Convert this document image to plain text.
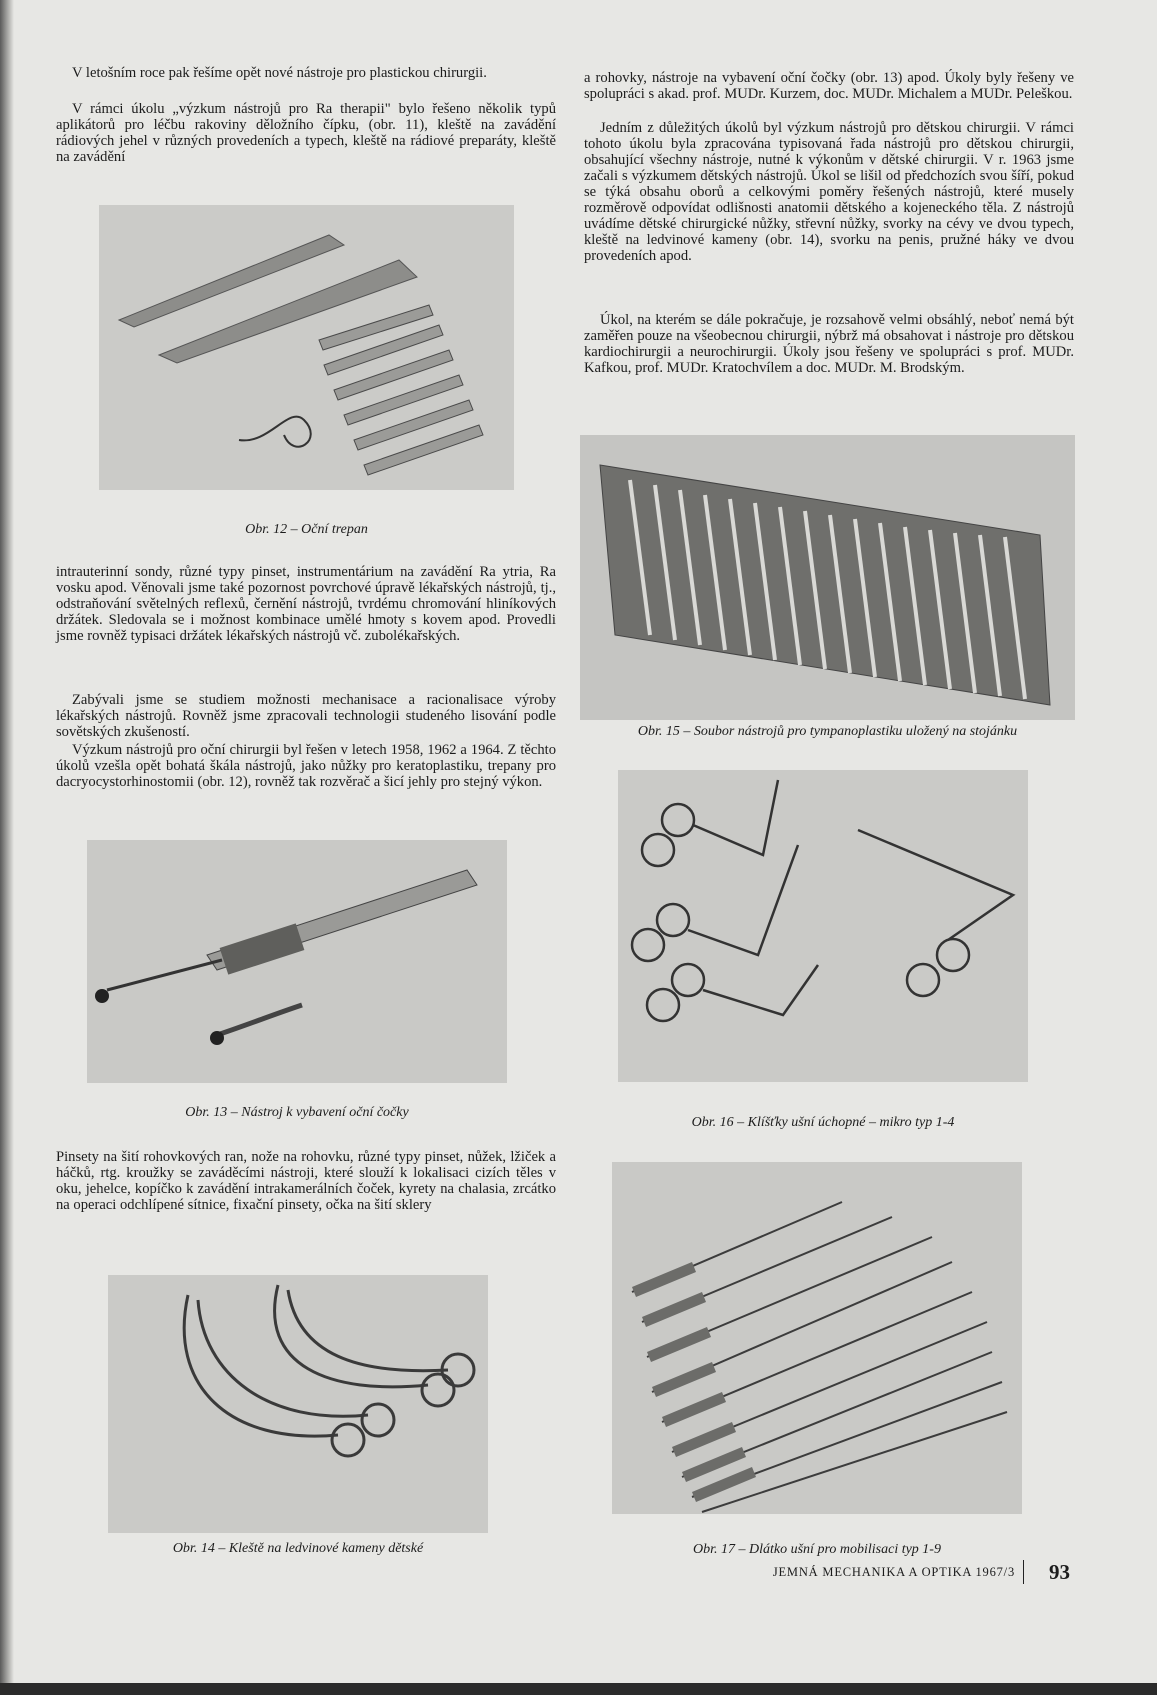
V letošním roce pak řešíme opět nové nástroje pro plastickou chirurgii.

V rámci úkolu „výzkum nástrojů pro Ra therapii" bylo řešeno několik typů aplikátorů pro léčbu rakoviny děložního čípku, (obr. 11), kleště na zavádění rádiových jehel v různých provedeních a typech, kleště na rádiové preparáty, kleště na zavádění

Obr. 12 – Oční trepan

intrauterinní sondy, různé typy pinset, instrumentárium na zavádění Ra ytria, Ra vosku apod. Věnovali jsme také pozornost povrchové úpravě lékařských nástrojů, tj., odstraňování světelných reflexů, černění nástrojů, tvrdému chromování hliníkových držátek. Sledovala se i možnost kombinace umělé hmoty s kovem apod. Provedli jsme rovněž typisaci držátek lékařských nástrojů vč. zubolékařských.

Zabývali jsme se studiem možnosti mechanisace a racionalisace výroby lékařských nástrojů. Rovněž jsme zpracovali technologii studeného lisování podle sovětských zkušeností.

Výzkum nástrojů pro oční chirurgii byl řešen v letech 1958, 1962 a 1964. Z těchto úkolů vzešla opět bohatá škála nástrojů, jako nůžky pro keratoplastiku, trepany pro dacryocystorhinostomii (obr. 12), rovněž tak rozvěrač a šicí jehly pro stejný výkon.

Obr. 13 – Nástroj k vybavení oční čočky

Pinsety na šití rohovkových ran, nože na rohovku, různé typy pinset, nůžek, lžiček a háčků, rtg. kroužky se zaváděcími nástroji, které slouží k lokalisaci cizích těles v oku, jehelce, kopíčko k zavádění intrakamerálních čoček, kyrety na chalasia, zrcátko na operaci odchlípené sítnice, fixační pinsety, očka na šití sklery

Obr. 14 – Kleště na ledvinové kameny dětské

a rohovky, nástroje na vybavení oční čočky (obr. 13) apod. Úkoly byly řešeny ve spolupráci s akad. prof. MUDr. Kurzem, doc. MUDr. Michalem a MUDr. Peleškou.

Jedním z důležitých úkolů byl výzkum nástrojů pro dětskou chirurgii. V rámci tohoto úkolu byla zpracována typisovaná řada nástrojů pro dětskou chirurgii, obsahující všechny nástroje, nutné k výkonům v dětské chirurgii. V r. 1963 jsme začali s výzkumem dětských nástrojů. Úkol se lišil od předchozích svou šíří, pokud se týká obsahu oborů a celkovými poměry řešených nástrojů, které musely rozměrově odpovídat odlišnosti anatomii dětského a kojeneckého těla. Z nástrojů uvádíme dětské chirurgické nůžky, střevní nůžky, svorky na cévy ve dvou typech, kleště na ledvinové kameny (obr. 14), svorku na penis, pružné háky ve dvou provedeních apod.

Úkol, na kterém se dále pokračuje, je rozsahově velmi obsáhlý, neboť nemá být zaměřen pouze na všeobecnou chirurgii, nýbrž má obsahovat i nástroje pro dětskou kardiochirurgii a neurochirurgii. Úkoly jsou řešeny ve spolupráci s prof. MUDr. Kafkou, prof. MUDr. Kratochvílem a doc. MUDr. M. Brodským.

Obr. 15 – Soubor nástrojů pro tympanoplastiku uložený na stojánku
Obr. 16 – Klíšťky ušní úchopné – mikro typ 1-4
Obr. 17 – Dlátko ušní pro mobilisaci typ 1-9
JEMNÁ MECHANIKA A OPTIKA 1967/3 93
